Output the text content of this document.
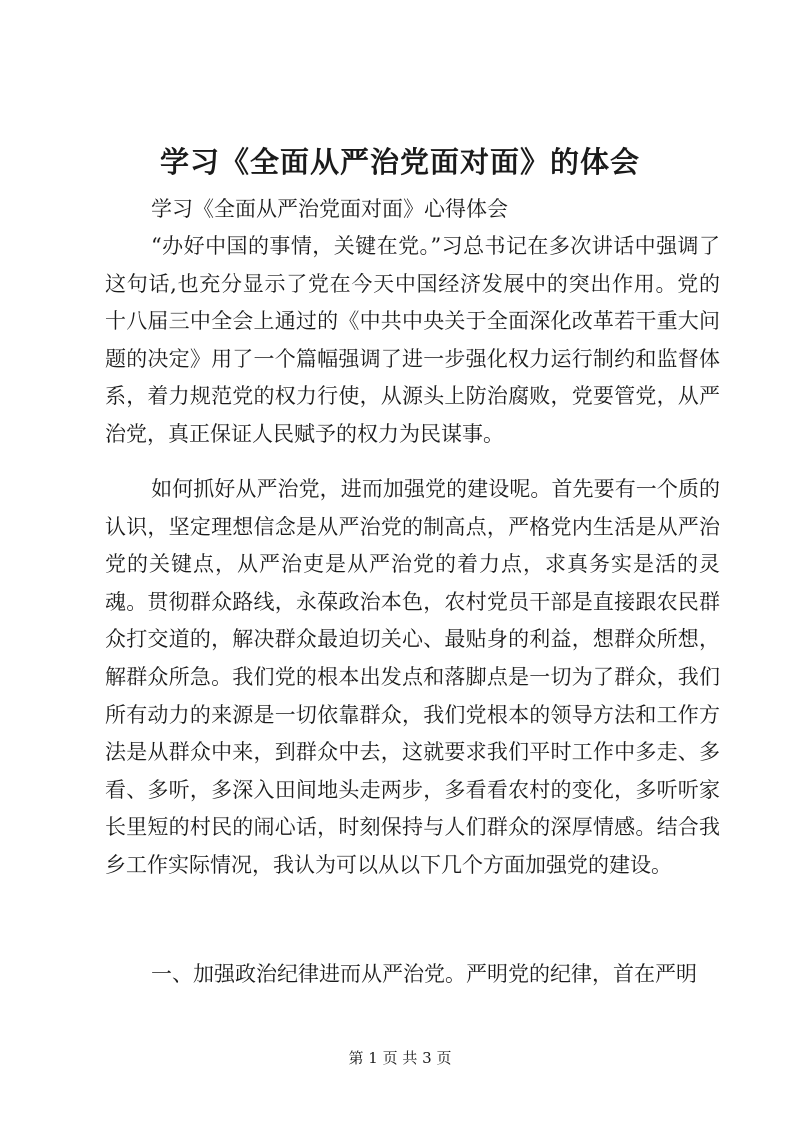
学习《全面从严治党面对面》的体会

学习《全面从严治党面对面》心得体会

“办好中国的事情，关键在党。”习总书记在多次讲话中强调了这句话,也充分显示了党在今天中国经济发展中的突出作用。党的十八届三中全会上通过的《中共中央关于全面深化改革若干重大问题的决定》用了一个篇幅强调了进一步强化权力运行制约和监督体系，着力规范党的权力行使，从源头上防治腐败，党要管党，从严治党，真正保证人民赋予的权力为民谋事。

如何抓好从严治党，进而加强党的建设呢。首先要有一个质的认识，坚定理想信念是从严治党的制高点，严格党内生活是从严治党的关键点，从严治吏是从严治党的着力点，求真务实是活的灵魂。贯彻群众路线，永葆政治本色，农村党员干部是直接跟农民群众打交道的，解决群众最迫切关心、最贴身的利益，想群众所想，解群众所急。我们党的根本出发点和落脚点是一切为了群众，我们所有动力的来源是一切依靠群众，我们党根本的领导方法和工作方法是从群众中来，到群众中去，这就要求我们平时工作中多走、多看、多听，多深入田间地头走两步，多看看农村的变化，多听听家长里短的村民的闹心话，时刻保持与人们群众的深厚情感。结合我乡工作实际情况，我认为可以从以下几个方面加强党的建设。

一、加强政治纪律进而从严治党。严明党的纪律，首在严明

第 1 页 共 3 页
